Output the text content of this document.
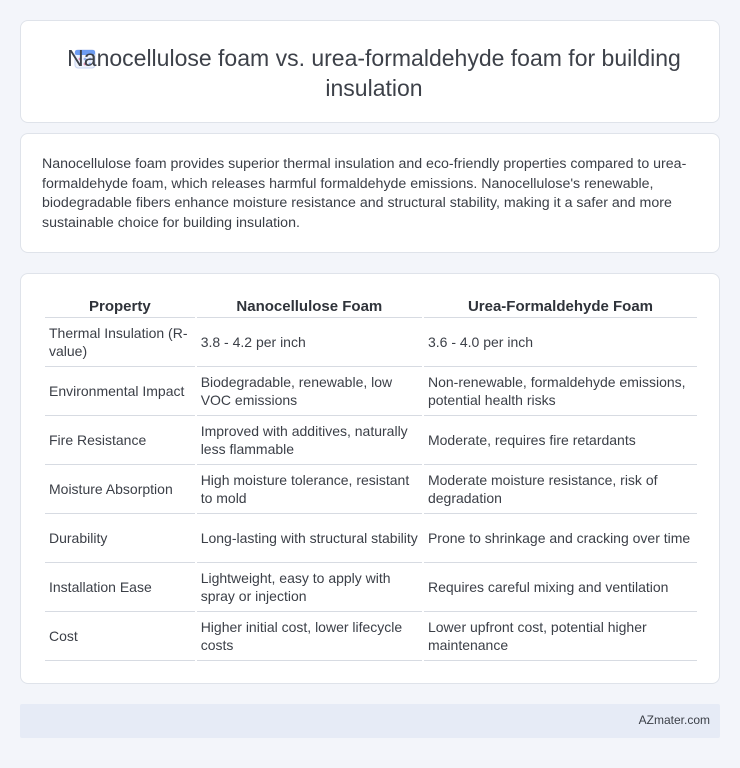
Nanocellulose foam vs. urea-formaldehyde foam for building insulation

Nanocellulose foam provides superior thermal insulation and eco-friendly properties compared to urea-formaldehyde foam, which releases harmful formaldehyde emissions. Nanocellulose's renewable, biodegradable fibers enhance moisture resistance and structural stability, making it a safer and more sustainable choice for building insulation.

Property	Nanocellulose Foam	Urea-Formaldehyde Foam
Thermal Insulation (R-value)	3.8 - 4.2 per inch	3.6 - 4.0 per inch
Environmental Impact	Biodegradable, renewable, low VOC emissions	Non-renewable, formaldehyde emissions, potential health risks
Fire Resistance	Improved with additives, naturally less flammable	Moderate, requires fire retardants
Moisture Absorption	High moisture tolerance, resistant to mold	Moderate moisture resistance, risk of degradation
Durability	Long-lasting with structural stability	Prone to shrinkage and cracking over time
Installation Ease	Lightweight, easy to apply with spray or injection	Requires careful mixing and ventilation
Cost	Higher initial cost, lower lifecycle costs	Lower upfront cost, potential higher maintenance
AZmater.com
